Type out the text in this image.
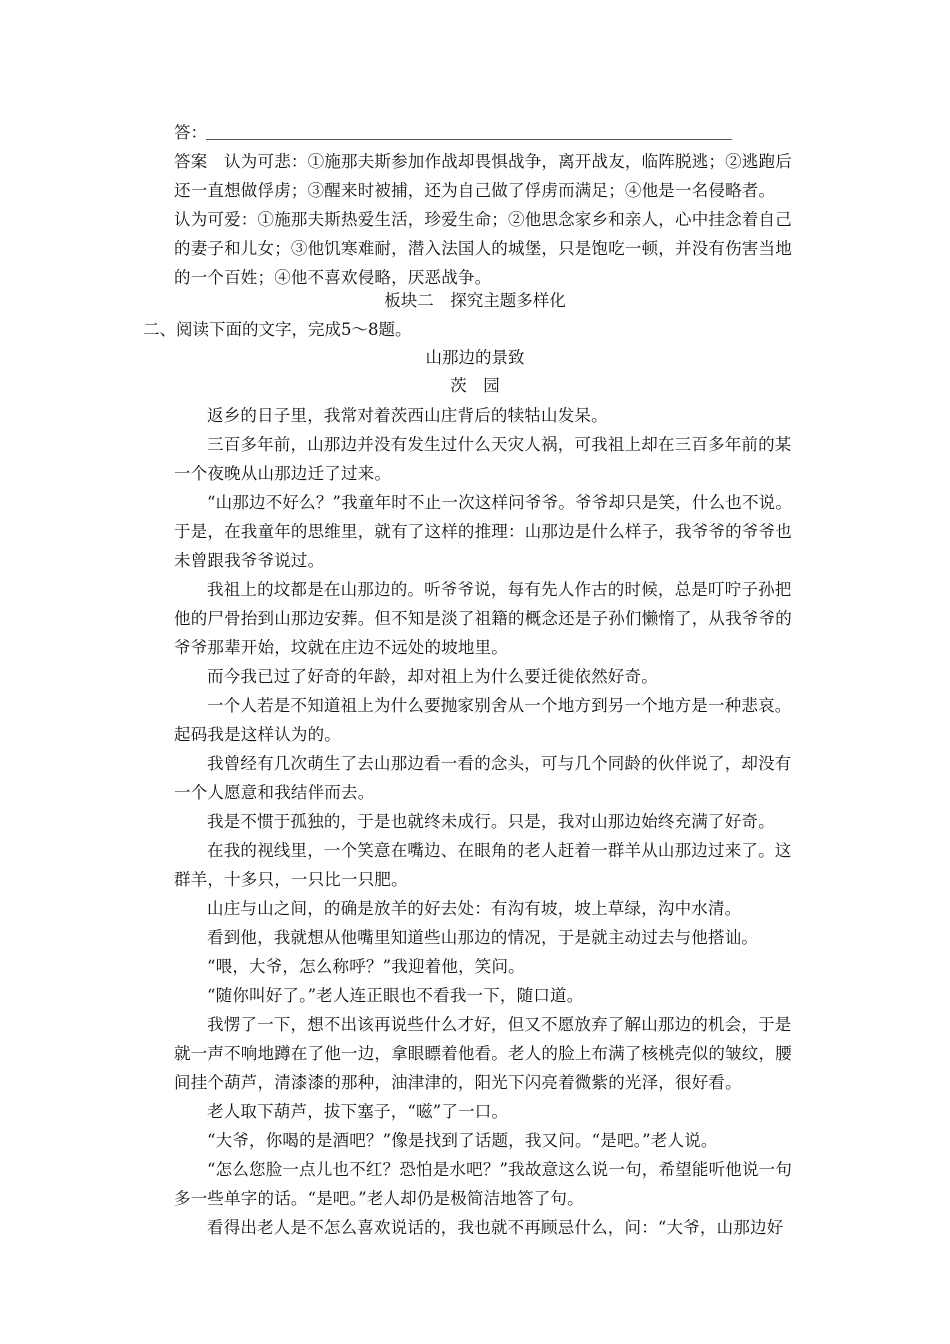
答：

答案　认为可悲：①施那夫斯参加作战却畏惧战争，离开战友，临阵脱逃；②逃跑后还一直想做俘虏；③醒来时被捕，还为自己做了俘虏而满足；④他是一名侵略者。

认为可爱：①施那夫斯热爱生活，珍爱生命；②他思念家乡和亲人，心中挂念着自己的妻子和儿女；③他饥寒难耐，潜入法国人的城堡，只是饱吃一顿，并没有伤害当地的一个百姓；④他不喜欢侵略，厌恶战争。

板块二　探究主题多样化
二、阅读下面的文字，完成5～8题。
山那边的景致
茨　园

返乡的日子里，我常对着茨西山庄背后的犊牯山发呆。

三百多年前，山那边并没有发生过什么天灾人祸，可我祖上却在三百多年前的某一个夜晚从山那边迁了过来。

“山那边不好么？”我童年时不止一次这样问爷爷。爷爷却只是笑，什么也不说。于是，在我童年的思维里，就有了这样的推理：山那边是什么样子，我爷爷的爷爷也未曾跟我爷爷说过。

我祖上的坟都是在山那边的。听爷爷说，每有先人作古的时候，总是叮咛子孙把他的尸骨抬到山那边安葬。但不知是淡了祖籍的概念还是子孙们懒惰了，从我爷爷的爷爷那辈开始，坟就在庄边不远处的坡地里。

而今我已过了好奇的年龄，却对祖上为什么要迁徙依然好奇。

一个人若是不知道祖上为什么要抛家别舍从一个地方到另一个地方是一种悲哀。起码我是这样认为的。

我曾经有几次萌生了去山那边看一看的念头，可与几个同龄的伙伴说了，却没有一个人愿意和我结伴而去。

我是不惯于孤独的，于是也就终未成行。只是，我对山那边始终充满了好奇。

在我的视线里，一个笑意在嘴边、在眼角的老人赶着一群羊从山那边过来了。这群羊，十多只，一只比一只肥。

山庄与山之间，的确是放羊的好去处：有沟有坡，坡上草绿，沟中水清。

看到他，我就想从他嘴里知道些山那边的情况，于是就主动过去与他搭讪。

“喂，大爷，怎么称呼？”我迎着他，笑问。

“随你叫好了。”老人连正眼也不看我一下，随口道。

我愣了一下，想不出该再说些什么才好，但又不愿放弃了解山那边的机会，于是就一声不响地蹲在了他一边，拿眼瞟着他看。老人的脸上布满了核桃壳似的皱纹，腰间挂个葫芦，清漆漆的那种，油津津的，阳光下闪亮着微紫的光泽，很好看。

老人取下葫芦，拔下塞子，“嗞”了一口。

“大爷，你喝的是酒吧？”像是找到了话题，我又问。“是吧。”老人说。

“怎么您脸一点儿也不红？恐怕是水吧？”我故意这么说一句，希望能听他说一句多一些单字的话。“是吧。”老人却仍是极简洁地答了句。

看得出老人是不怎么喜欢说话的，我也就不再顾忌什么，问：“大爷，山那边好
